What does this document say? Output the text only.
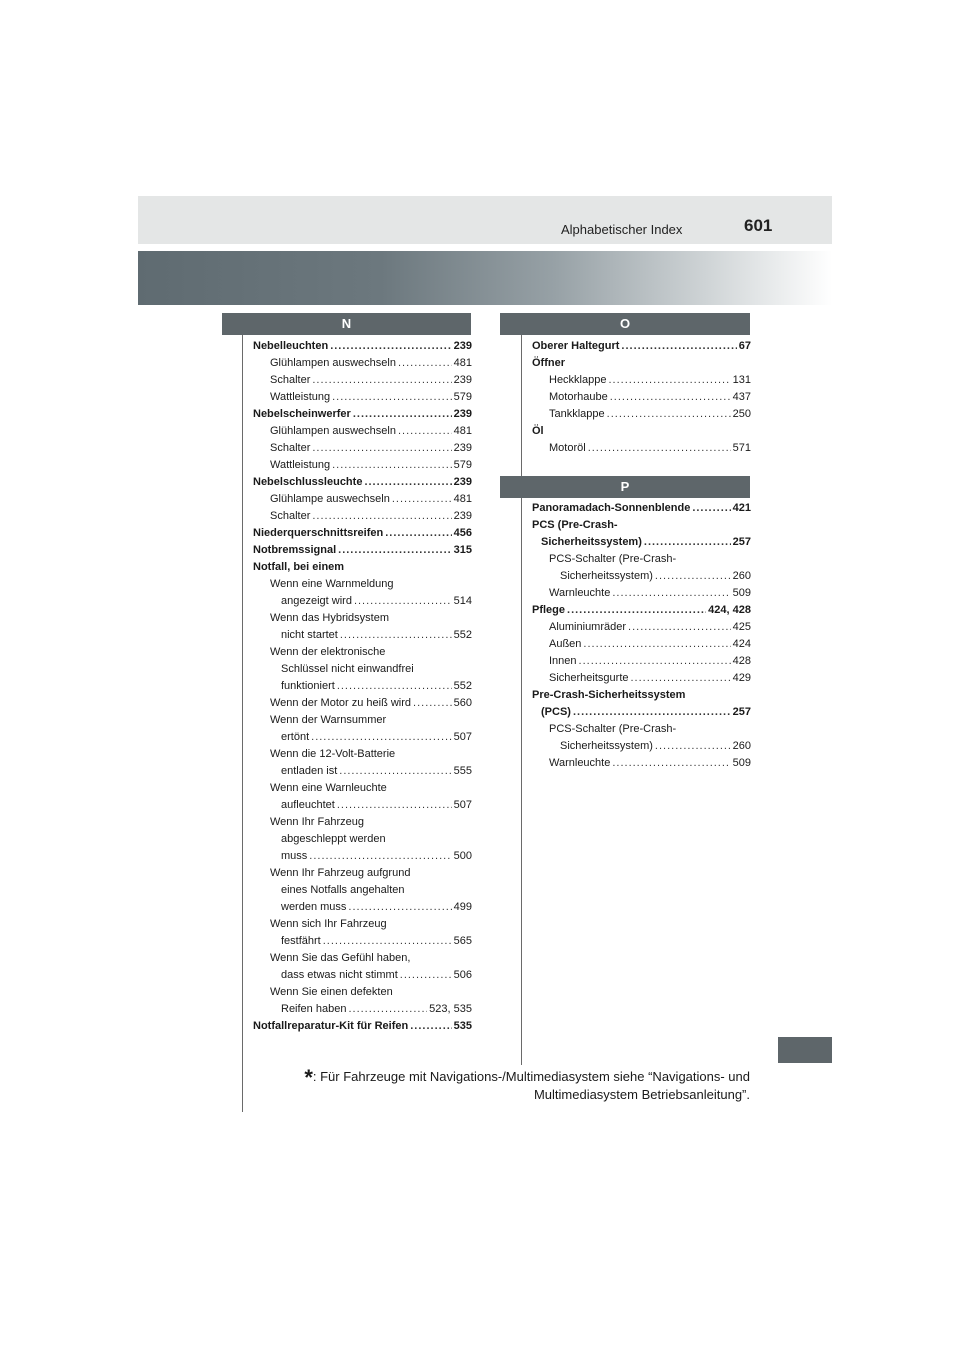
Alphabetischer Index	601
N	O
P
Nebelleuchten .....	239
Glühlampen auswechseln .....	481
Schalter .....	239
Wattleistung .....	579
Nebelscheinwerfer .....	239
Glühlampen auswechseln .....	481
Schalter .....	239
Wattleistung .....	579
Nebelschlussleuchte .....	239
Glühlampe auswechseln .....	481
Schalter .....	239
Niederquerschnittsreifen .....	456
Notbremssignal .....	315
Notfall, bei einem
Wenn eine Warnmeldung
angezeigt wird .....	514
Wenn das Hybridsystem
nicht startet .....	552
Wenn der elektronische
Schlüssel nicht einwandfrei
funktioniert .....	552
Wenn der Motor zu heiß wird .....	560
Wenn der Warnsummer
ertönt .....	507
Wenn die 12-Volt-Batterie
entladen ist .....	555
Wenn eine Warnleuchte
aufleuchtet .....	507
Wenn Ihr Fahrzeug
abgeschleppt werden
muss .....	500
Wenn Ihr Fahrzeug aufgrund
eines Notfalls angehalten
werden muss .....	499
Wenn sich Ihr Fahrzeug
festfährt .....	565
Wenn Sie das Gefühl haben,
dass etwas nicht stimmt .....	506
Wenn Sie einen defekten
Reifen haben .....	523, 535
Notfallreparatur-Kit für Reifen .....	535
Oberer Haltegurt .....	67
Öffner
Heckklappe .....	131
Motorhaube .....	437
Tankklappe .....	250
Öl
Motoröl .....	571
Panoramadach-Sonnenblende .....	421
PCS (Pre-Crash-
Sicherheitssystem) .....	257
PCS-Schalter (Pre-Crash-
Sicherheitssystem) .....	260
Warnleuchte .....	509
Pflege .....	424, 428
Aluminiumräder .....	425
Außen .....	424
Innen .....	428
Sicherheitsgurte .....	429
Pre-Crash-Sicherheitssystem
(PCS) .....	257
PCS-Schalter (Pre-Crash-
Sicherheitssystem) .....	260
Warnleuchte .....	509
*: Für Fahrzeuge mit Navigations-/Multimediasystem siehe “Navigations- und
Multimediasystem Betriebsanleitung”.
